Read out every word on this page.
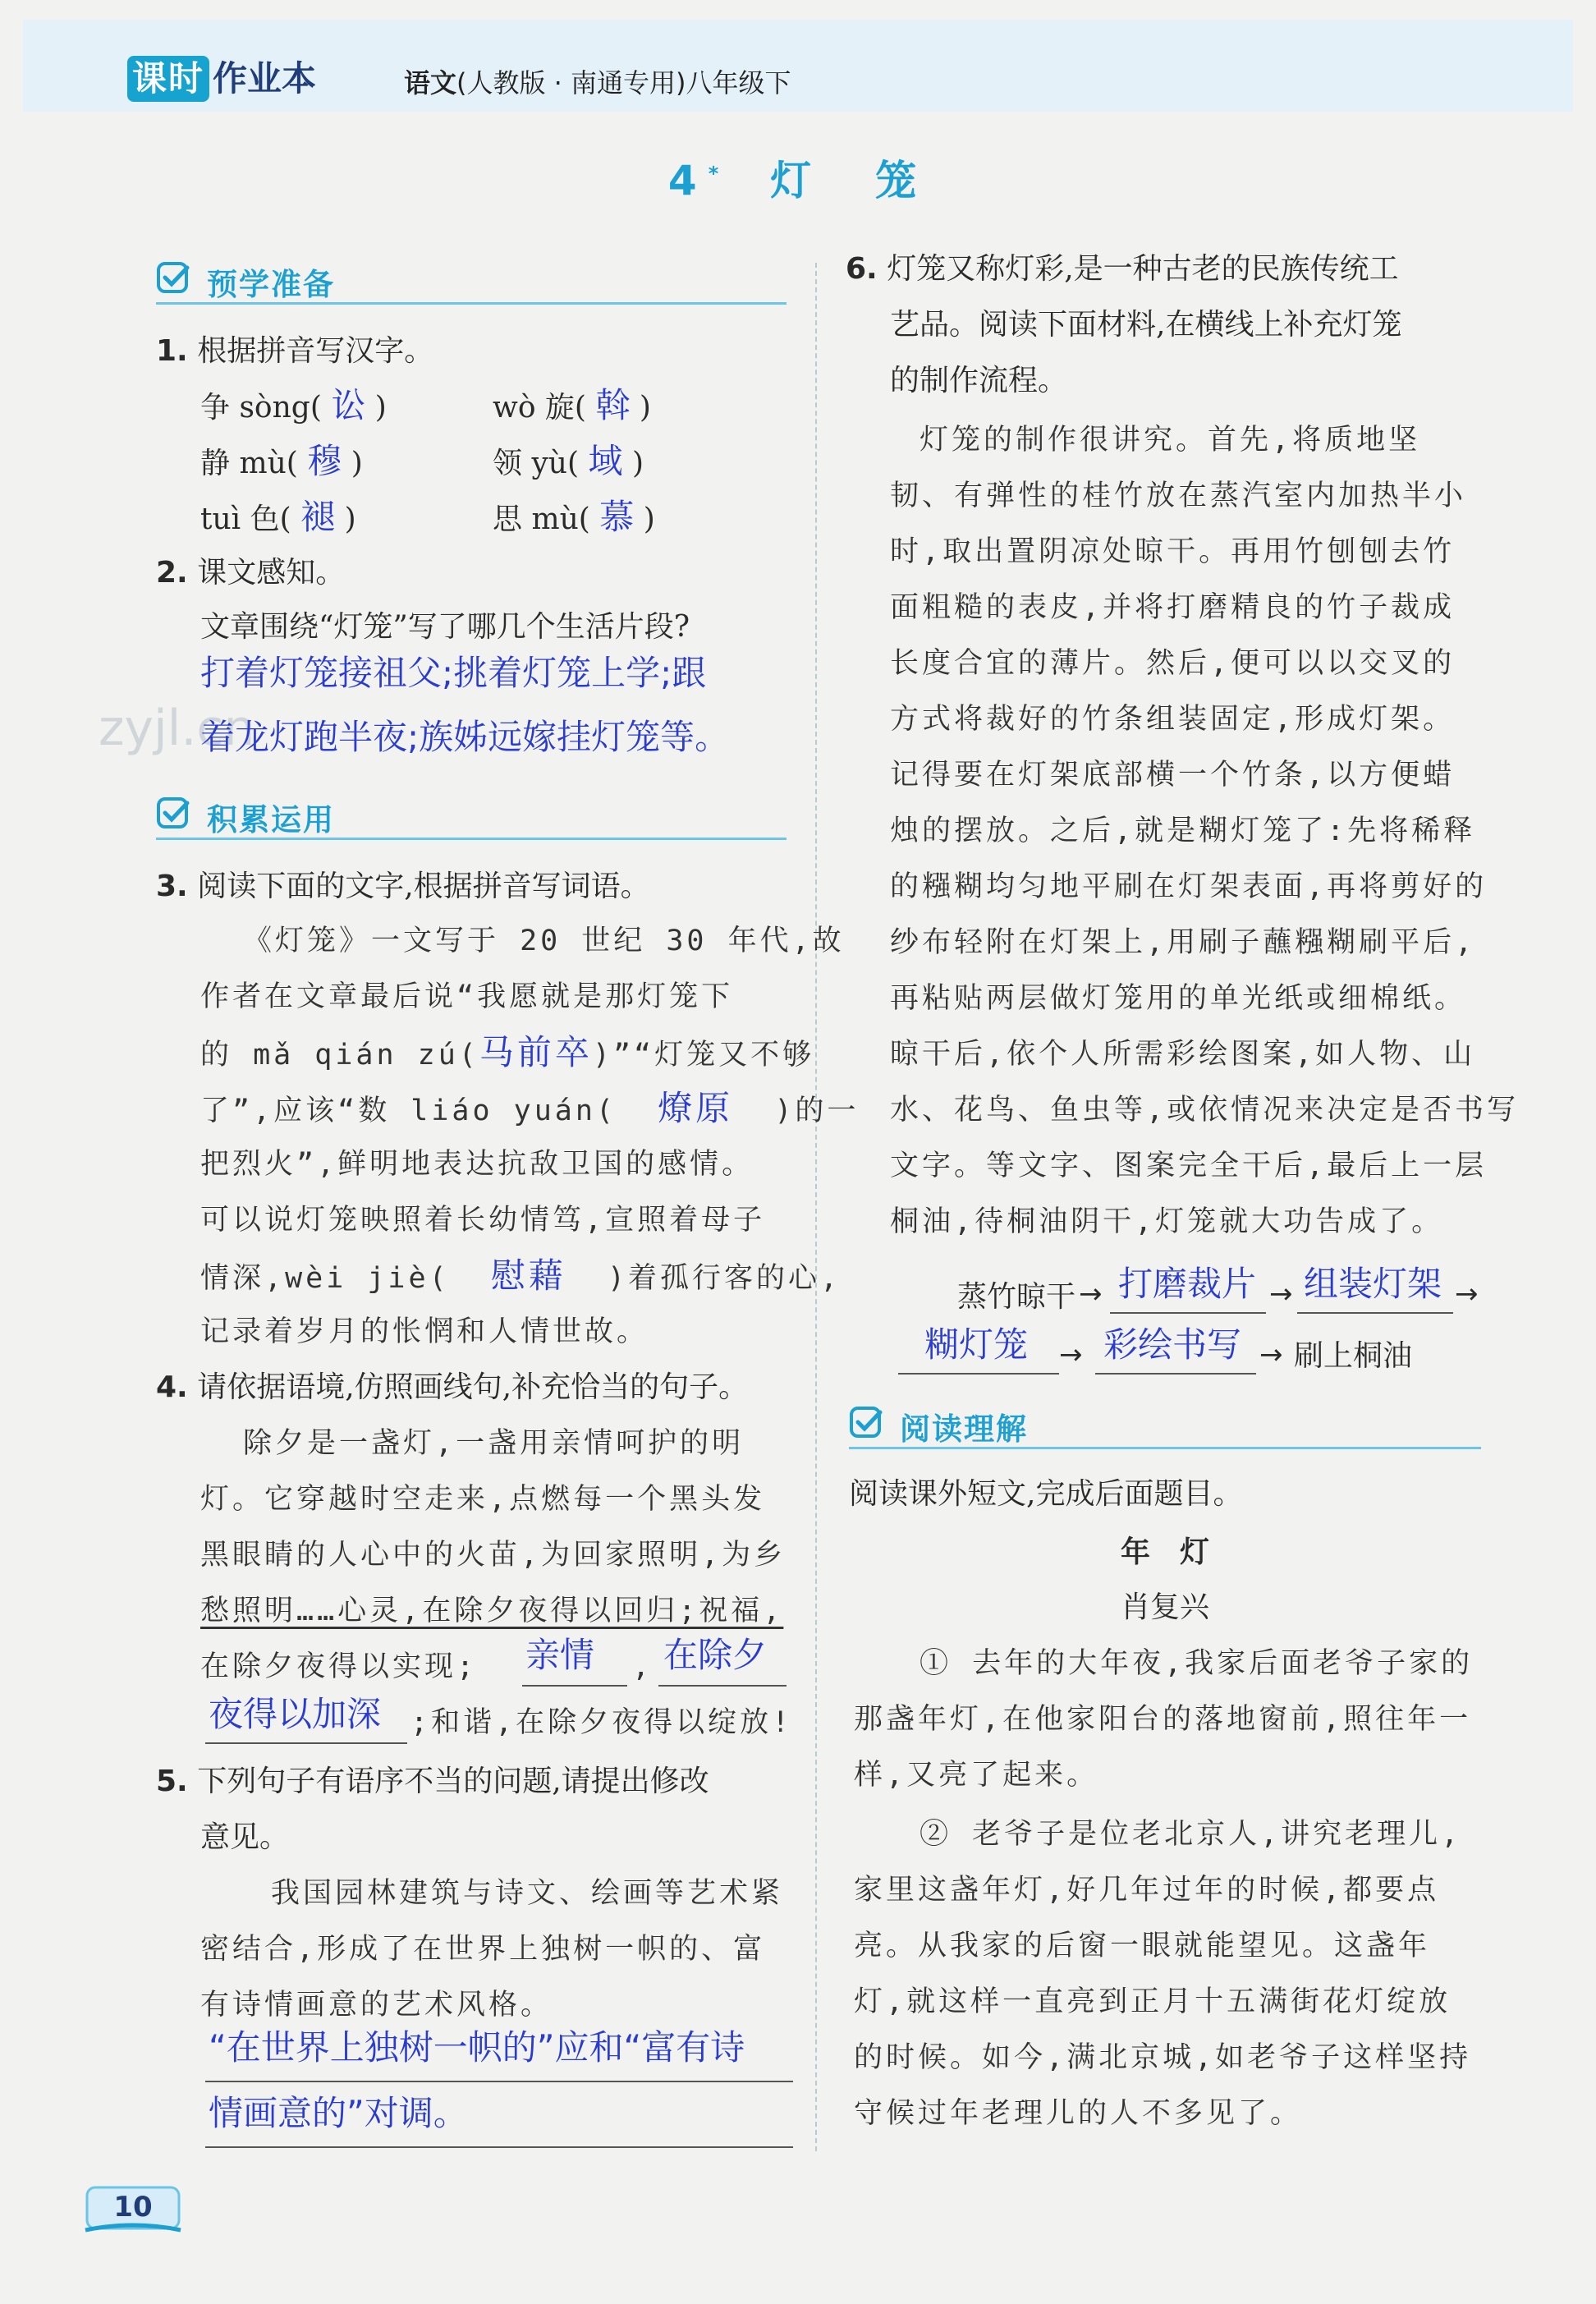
课时 作业本	语文(人教版 · 南通专用)八年级下
4* 灯　笼
zyjl.cn
预学准备
1. 根据拼音写汉字。
争 sòng( 讼 )	wò 旋( 斡 )
静 mù( 穆 )	领 yù( 域 )
tuì 色( 褪 )	思 mù( 慕 )
2. 课文感知。
文章围绕“灯笼”写了哪几个生活片段?
打着灯笼接祖父;挑着灯笼上学;跟
着龙灯跑半夜;族姊远嫁挂灯笼等。
积累运用
3. 阅读下面的文字,根据拼音写词语。
《灯笼》一文写于 20 世纪 30 年代,故
作者在文章最后说“我愿就是那灯笼下
的 mǎ qián zú(马前卒)”“灯笼又不够
了”,应该“数 liáo yuán( 燎原 )的一
把烈火”,鲜明地表达抗敌卫国的感情。
可以说灯笼映照着长幼情笃,宣照着母子
情深,wèi jiè( 慰藉 )着孤行客的心,
记录着岁月的怅惘和人情世故。
4. 请依据语境,仿照画线句,补充恰当的句子。
除夕是一盏灯,一盏用亲情呵护的明
灯。它穿越时空走来,点燃每一个黑头发
黑眼睛的人心中的火苗,为回家照明,为乡
愁照明……心灵,在除夕夜得以回归;祝福,
在除夕夜得以实现; 亲情 , 在除夕
夜得以加深 ;和谐,在除夕夜得以绽放!
5. 下列句子有语序不当的问题,请提出修改
意见。
我国园林建筑与诗文、绘画等艺术紧
密结合,形成了在世界上独树一帜的、富
有诗情画意的艺术风格。
“在世界上独树一帜的”应和“富有诗
情画意的”对调。
6. 灯笼又称灯彩,是一种古老的民族传统工
艺品。阅读下面材料,在横线上补充灯笼
的制作流程。
灯笼的制作很讲究。首先,将质地坚
韧、有弹性的桂竹放在蒸汽室内加热半小
时,取出置阴凉处晾干。再用竹刨刨去竹
面粗糙的表皮,并将打磨精良的竹子裁成
长度合宜的薄片。然后,便可以以交叉的
方式将裁好的竹条组装固定,形成灯架。
记得要在灯架底部横一个竹条,以方便蜡
烛的摆放。之后,就是糊灯笼了:先将稀释
的糨糊均匀地平刷在灯架表面,再将剪好的
纱布轻附在灯架上,用刷子蘸糨糊刷平后,
再粘贴两层做灯笼用的单光纸或细棉纸。
晾干后,依个人所需彩绘图案,如人物、山
水、花鸟、鱼虫等,或依情况来决定是否书写
文字。等文字、图案完全干后,最后上一层
桐油,待桐油阴干,灯笼就大功告成了。
蒸竹晾干 → 打磨裁片 → 组装灯架 →
糊灯笼 → 彩绘书写 → 刷上桐油
阅读理解
阅读课外短文,完成后面题目。
年　灯
肖复兴
① 去年的大年夜,我家后面老爷子家的
那盏年灯,在他家阳台的落地窗前,照往年一
样,又亮了起来。
② 老爷子是位老北京人,讲究老理儿,
家里这盏年灯,好几年过年的时候,都要点
亮。从我家的后窗一眼就能望见。这盏年
灯,就这样一直亮到正月十五满街花灯绽放
的时候。如今,满北京城,如老爷子这样坚持
守候过年老理儿的人不多见了。
10
